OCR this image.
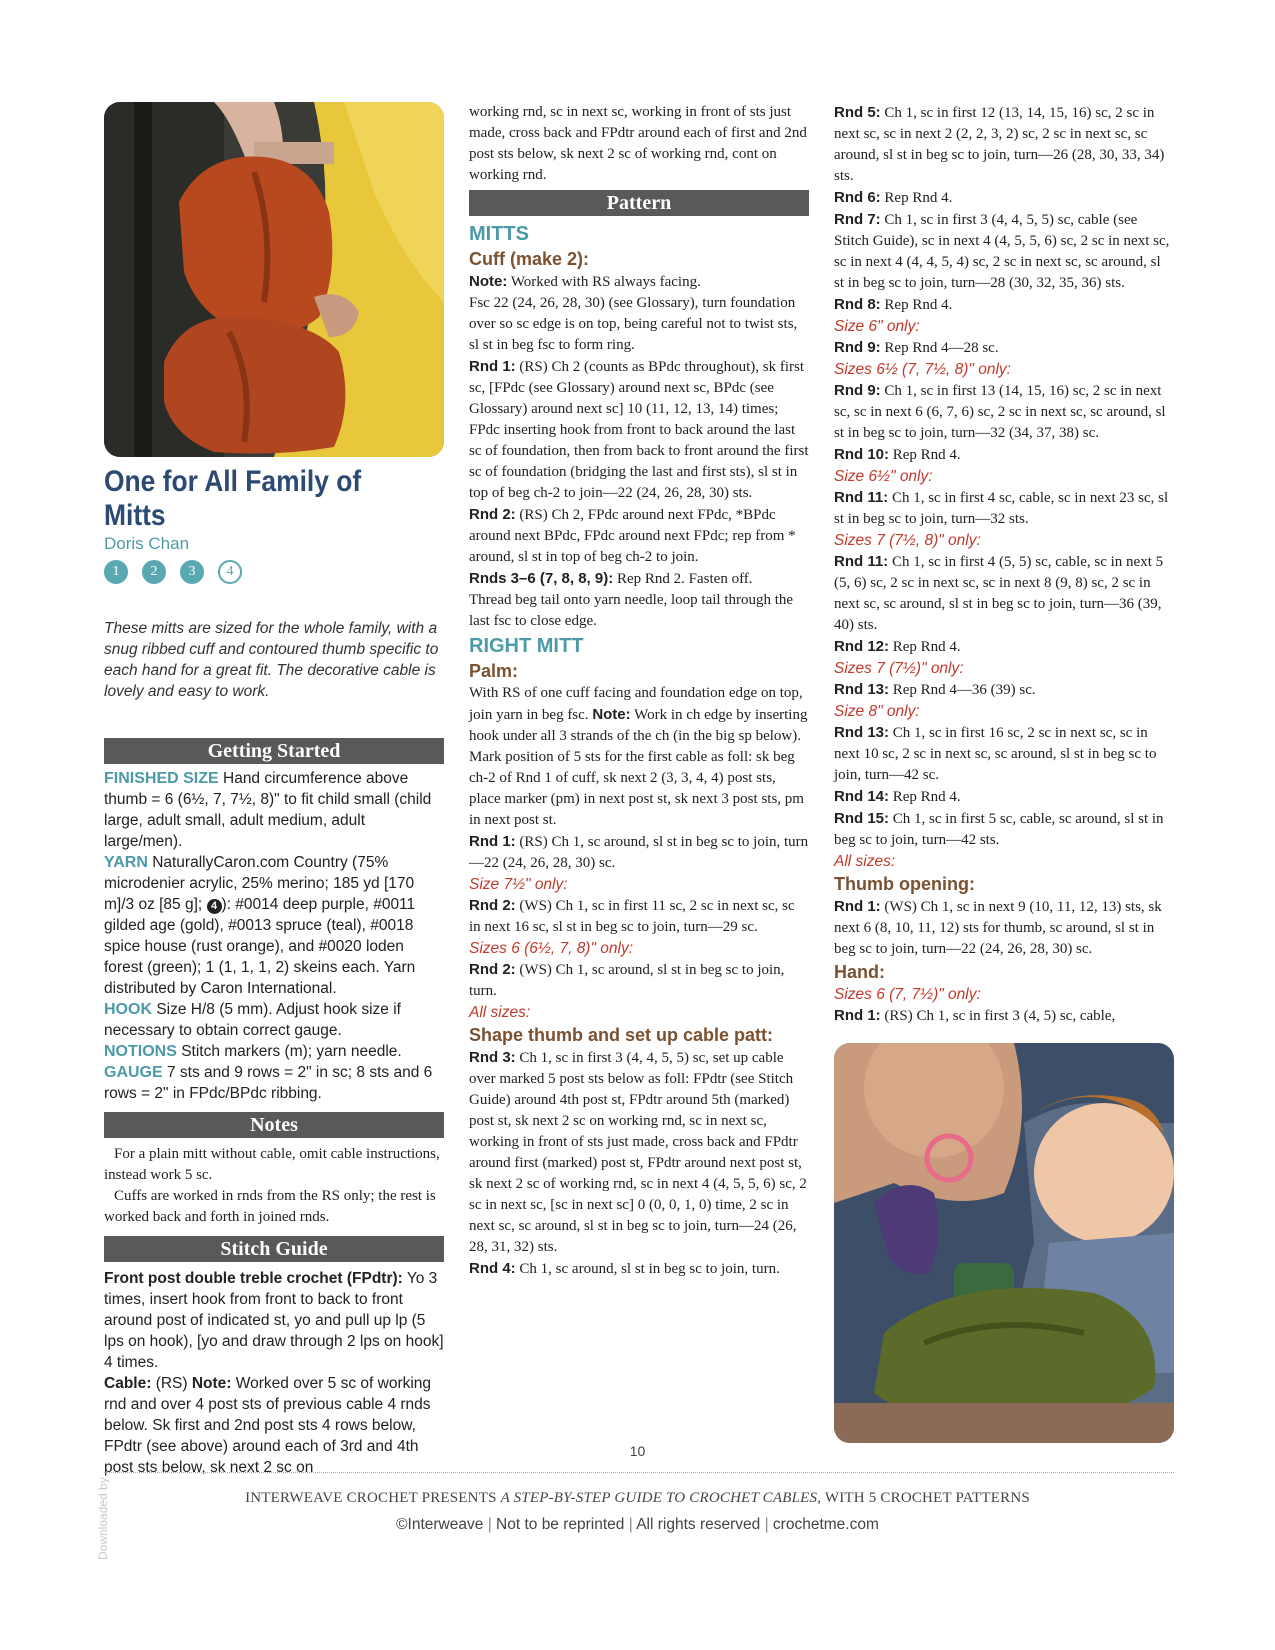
One for All Family of Mitts
Doris Chan
1 2 3 4
These mitts are sized for the whole family, with a snug ribbed cuff and contoured thumb specific to each hand for a great fit. The decorative cable is lovely and easy to work.
Getting Started
FINISHED SIZE Hand circumference above thumb = 6 (6½, 7, 7½, 8)" to fit child small (child large, adult small, adult medium, adult large/men).
YARN NaturallyCaron.com Country (75% microdenier acrylic, 25% merino; 185 yd [170 m]/3 oz [85 g]; 4 ): #0014 deep purple, #0011 gilded age (gold), #0013 spruce (teal), #0018 spice house (rust orange), and #0020 loden forest (green); 1 (1, 1, 1, 2) skeins each. Yarn distributed by Caron International.
HOOK Size H/8 (5 mm). Adjust hook size if necessary to obtain correct gauge.
NOTIONS Stitch markers (m); yarn needle.
GAUGE 7 sts and 9 rows = 2" in sc; 8 sts and 6 rows = 2" in FPdc/BPdc ribbing.
Notes

For a plain mitt without cable, omit cable instructions, instead work 5 sc.

Cuffs are worked in rnds from the RS only; the rest is worked back and forth in joined rnds.

Stitch Guide
Front post double treble crochet (FPdtr): Yo 3 times, insert hook from front to back to front around post of indicated st, yo and pull up lp (5 lps on hook), [yo and draw through 2 lps on hook] 4 times.
Cable: (RS) Note: Worked over 5 sc of working rnd and over 4 post sts of previous cable 4 rnds below. Sk first and 2nd post sts 4 rows below, FPdtr (see above) around each of 3rd and 4th post sts below, sk next 2 sc on

working rnd, sc in next sc, working in front of sts just made, cross back and FPdtr around each of first and 2nd post sts below, sk next 2 sc of working rnd, cont on working rnd.

Pattern
MITTS
Cuff (make 2):

Note: Worked with RS always facing.

Fsc 22 (24, 26, 28, 30) (see Glossary), turn foundation over so sc edge is on top, being careful not to twist sts, sl st in beg fsc to form ring.

Rnd 1: (RS) Ch 2 (counts as BPdc throughout), sk first sc, [FPdc (see Glossary) around next sc, BPdc (see Glossary) around next sc] 10 (11, 12, 13, 14) times; FPdc inserting hook from front to back around the last sc of foundation, then from back to front around the first sc of foundation (bridging the last and first sts), sl st in top of beg ch-2 to join—22 (24, 26, 28, 30) sts.

Rnd 2: (RS) Ch 2, FPdc around next FPdc, *BPdc around next BPdc, FPdc around next FPdc; rep from * around, sl st in top of beg ch-2 to join.

Rnds 3–6 (7, 8, 8, 9): Rep Rnd 2. Fasten off.

Thread beg tail onto yarn needle, loop tail through the last fsc to close edge.

RIGHT MITT
Palm:

With RS of one cuff facing and foundation edge on top, join yarn in beg fsc. Note: Work in ch edge by inserting hook under all 3 strands of the ch (in the big sp below). Mark position of 5 sts for the first cable as foll: sk beg ch-2 of Rnd 1 of cuff, sk next 2 (3, 3, 4, 4) post sts, place marker (pm) in next post st, sk next 3 post sts, pm in next post st.

Rnd 1: (RS) Ch 1, sc around, sl st in beg sc to join, turn—22 (24, 26, 28, 30) sc.

Size 7½" only:

Rnd 2: (WS) Ch 1, sc in first 11 sc, 2 sc in next sc, sc in next 16 sc, sl st in beg sc to join, turn—29 sc.

Sizes 6 (6½, 7, 8)" only:

Rnd 2: (WS) Ch 1, sc around, sl st in beg sc to join, turn.

All sizes:
Shape thumb and set up cable patt:

Rnd 3: Ch 1, sc in first 3 (4, 4, 5, 5) sc, set up cable over marked 5 post sts below as foll: FPdtr (see Stitch Guide) around 4th post st, FPdtr around 5th (marked) post st, sk next 2 sc on working rnd, sc in next sc, working in front of sts just made, cross back and FPdtr around first (marked) post st, FPdtr around next post st, sk next 2 sc of working rnd, sc in next 4 (4, 5, 5, 6) sc, 2 sc in next sc, [sc in next sc] 0 (0, 0, 1, 0) time, 2 sc in next sc, sc around, sl st in beg sc to join, turn—24 (26, 28, 31, 32) sts.

Rnd 4: Ch 1, sc around, sl st in beg sc to join, turn.

Rnd 5: Ch 1, sc in first 12 (13, 14, 15, 16) sc, 2 sc in next sc, sc in next 2 (2, 2, 3, 2) sc, 2 sc in next sc, sc around, sl st in beg sc to join, turn—26 (28, 30, 33, 34) sts.

Rnd 6: Rep Rnd 4.

Rnd 7: Ch 1, sc in first 3 (4, 4, 5, 5) sc, cable (see Stitch Guide), sc in next 4 (4, 5, 5, 6) sc, 2 sc in next sc, sc in next 4 (4, 4, 5, 4) sc, 2 sc in next sc, sc around, sl st in beg sc to join, turn—28 (30, 32, 35, 36) sts.

Rnd 8: Rep Rnd 4.

Size 6" only:

Rnd 9: Rep Rnd 4—28 sc.

Sizes 6½ (7, 7½, 8)" only:

Rnd 9: Ch 1, sc in first 13 (14, 15, 16) sc, 2 sc in next sc, sc in next 6 (6, 7, 6) sc, 2 sc in next sc, sc around, sl st in beg sc to join, turn—32 (34, 37, 38) sc.

Rnd 10: Rep Rnd 4.

Size 6½" only:

Rnd 11: Ch 1, sc in first 4 sc, cable, sc in next 23 sc, sl st in beg sc to join, turn—32 sts.

Sizes 7 (7½, 8)" only:

Rnd 11: Ch 1, sc in first 4 (5, 5) sc, cable, sc in next 5 (5, 6) sc, 2 sc in next sc, sc in next 8 (9, 8) sc, 2 sc in next sc, sc around, sl st in beg sc to join, turn—36 (39, 40) sts.

Rnd 12: Rep Rnd 4.

Sizes 7 (7½)" only:

Rnd 13: Rep Rnd 4—36 (39) sc.

Size 8" only:

Rnd 13: Ch 1, sc in first 16 sc, 2 sc in next sc, sc in next 10 sc, 2 sc in next sc, sc around, sl st in beg sc to join, turn—42 sc.

Rnd 14: Rep Rnd 4.

Rnd 15: Ch 1, sc in first 5 sc, cable, sc around, sl st in beg sc to join, turn—42 sts.

All sizes:
Thumb opening:

Rnd 1: (WS) Ch 1, sc in next 9 (10, 11, 12, 13) sts, sk next 6 (8, 10, 11, 12) sts for thumb, sc around, sl st in beg sc to join, turn—22 (24, 26, 28, 30) sc.

Hand:
Sizes 6 (7, 7½)" only:

Rnd 1: (RS) Ch 1, sc in first 3 (4, 5) sc, cable,

10
INTERWEAVE CROCHET PRESENTS A STEP-BY-STEP GUIDE TO CROCHET CABLES, WITH 5 CROCHET PATTERNS
©Interweave | Not to be reprinted | All rights reserved | crochetme.com
Downloaded by
